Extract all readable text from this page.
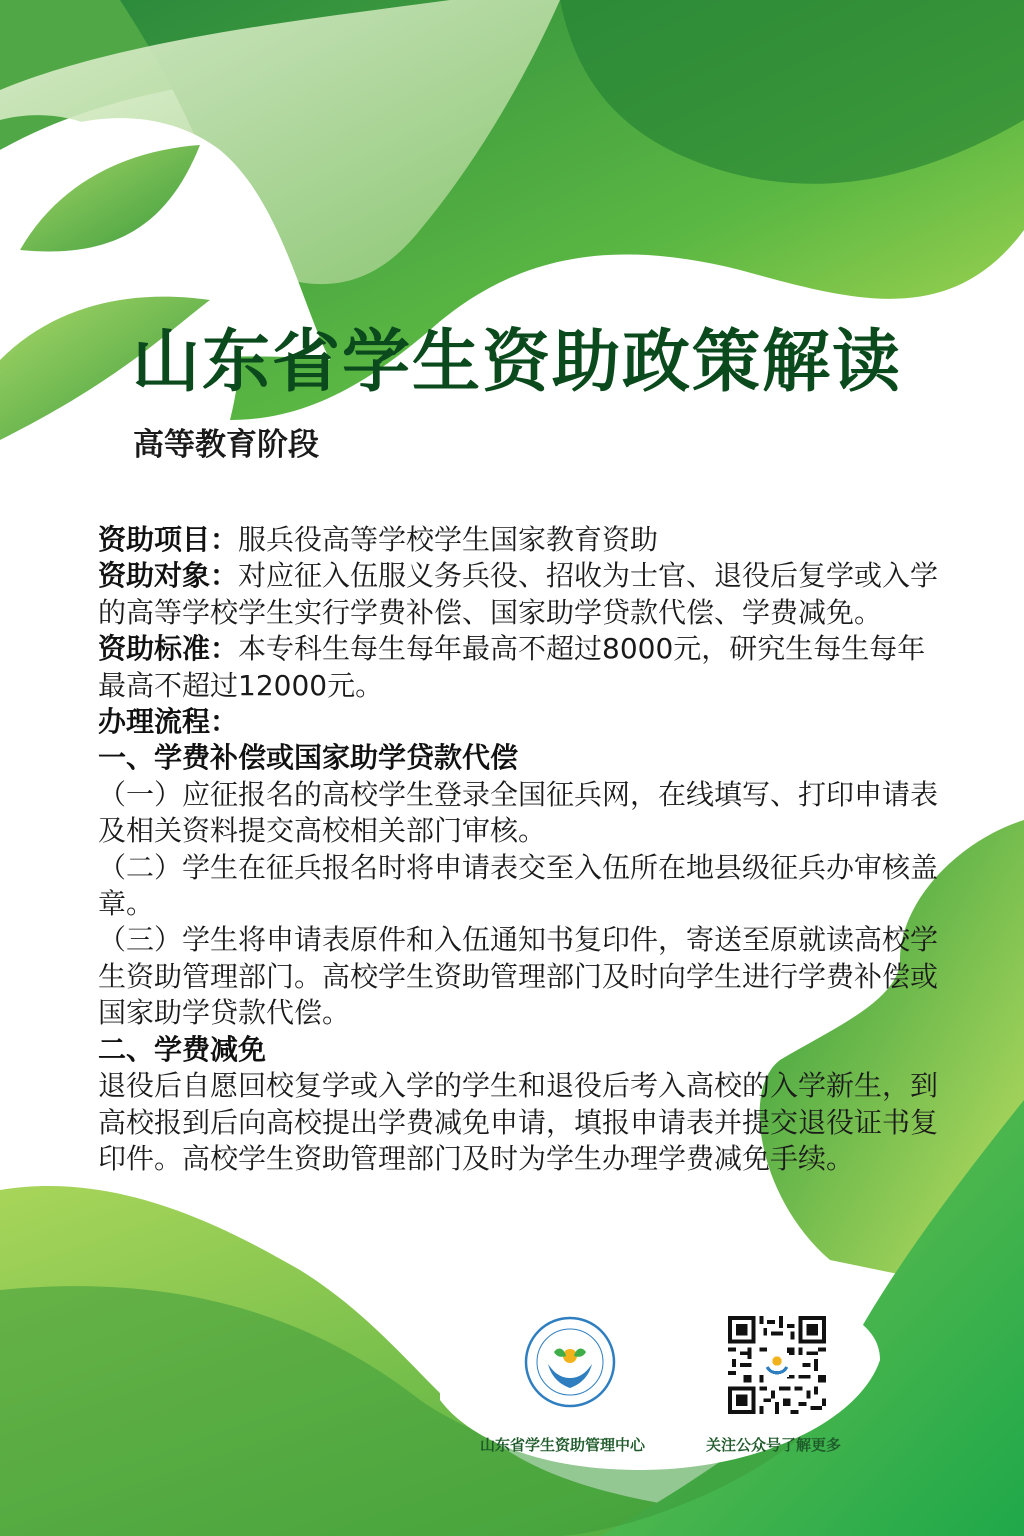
山东省学生资助政策解读
高等教育阶段

资助项目：服兵役高等学校学生国家教育资助

资助对象：对应征入伍服义务兵役、招收为士官、退役后复学或入学的高等学校学生实行学费补偿、国家助学贷款代偿、学费减免。

资助标准：本专科生每生每年最高不超过8000元，研究生每生每年最高不超过12000元。

办理流程：

一、学费补偿或国家助学贷款代偿

（一）应征报名的高校学生登录全国征兵网，在线填写、打印申请表及相关资料提交高校相关部门审核。

（二）学生在征兵报名时将申请表交至入伍所在地县级征兵办审核盖章。

（三）学生将申请表原件和入伍通知书复印件，寄送至原就读高校学生资助管理部门。高校学生资助管理部门及时向学生进行学费补偿或国家助学贷款代偿。

二、学费减免

退役后自愿回校复学或入学的学生和退役后考入高校的入学新生，到高校报到后向高校提出学费减免申请，填报申请表并提交退役证书复印件。高校学生资助管理部门及时为学生办理学费减免手续。

山东省学生资助管理中心	关注公众号了解更多
